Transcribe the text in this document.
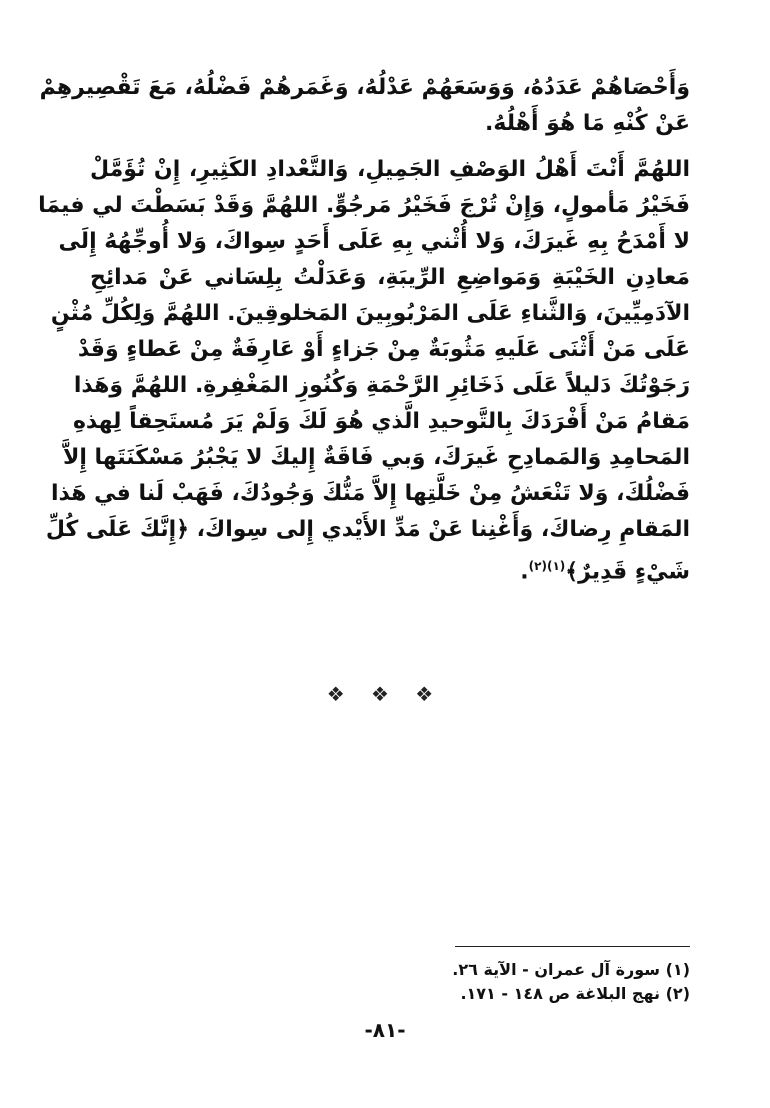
وَأَحْصَاهُمْ عَدَدُهُ، وَوَسَعَهُمْ عَدْلُهُ، وَغَمَرهُمْ فَضْلُهُ، مَعَ تَقْصِيرهِمْ
عَنْ كُنْهِ مَا هُوَ أَهْلُهُ.
اللهُمَّ أَنْتَ أَهْلُ الوَصْفِ الجَمِيلِ، وَالتَّعْدادِ الكَثِيرِ، إِنْ تُؤَمَّلْ
فَخَيْرُ مَأمولٍ، وَإِنْ تُرْجَ فَخَيْرُ مَرجُوٍّ. اللهُمَّ وَقَدْ بَسَطْتَ لي فيمَا
لا أَمْدَحُ بِهِ غَيرَكَ، وَلا أُثْني بِهِ عَلَى أَحَدٍ سِواكَ، وَلا أُوجِّهُهُ إِلَى
مَعادِنِ الخَيْبَةِ وَمَواضِعِ الرِّيبَةِ، وَعَدَلْتُ بِلِسَاني عَنْ مَدائِحِ
الآدَمِيِّينَ، وَالثَّناءِ عَلَى المَرْبُوبِينَ المَخلوقِينَ. اللهُمَّ وَلِكُلِّ مُثْنٍ
عَلَى مَنْ أَثْنَى عَلَيهِ مَثُوبَةٌ مِنْ جَزاءٍ أَوْ عَارِفَةٌ مِنْ عَطاءٍ وَقَدْ
رَجَوْتُكَ دَليلاً عَلَى ذَخَائِرِ الرَّحْمَةِ وَكُنُوزِ المَغْفِرةِ. اللهُمَّ وَهَذا
مَقامُ مَنْ أَفْرَدَكَ بِالتَّوحيدِ الَّذي هُوَ لَكَ وَلَمْ يَرَ مُستَحِقاً لِهذهِ
المَحامِدِ وَالمَمادِحِ غَيرَكَ، وَبي فَاقَةٌ إِليكَ لا يَجْبُرُ مَسْكَنَتَها إِلاَّ
فَضْلُكَ، وَلا تَنْعَشُ مِنْ خَلَّتِها إِلاَّ مَنُّكَ وَجُودُكَ، فَهَبْ لَنا في هَذا
المَقامِ رِضاكَ، وَأَغْنِنا عَنْ مَدِّ الأَيْدي إِلى سِواكَ، ﴿إِنَّكَ عَلَى كُلِّ
شَيْءٍ قَدِيرٌ﴾$^{(١)(٢)}$.
❖ ❖ ❖
(١) سورة آل عمران - الآية ٢٦.
(٢) نهج البلاغة ص ١٤٨ - ١٧١.
-٨١-
